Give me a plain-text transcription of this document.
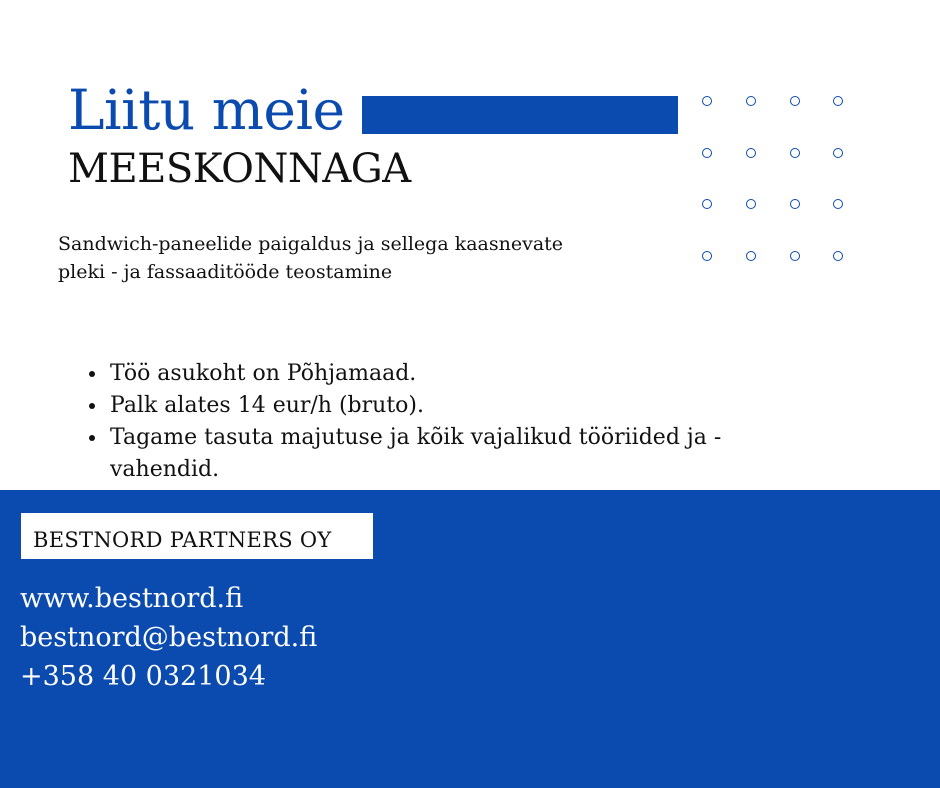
Liitu meie
MEESKONNAGA
Sandwich-paneelide paigaldus ja sellega kaasnevate
pleki - ja fassaaditööde teostamine
• Töö asukoht on Põhjamaad.
• Palk alates 14 eur/h (bruto).
• Tagame tasuta majutuse ja kõik vajalikud tööriided ja - vahendid.
BESTNORD PARTNERS OY
www.bestnord.fi
bestnord@bestnord.fi
+358 40 0321034
